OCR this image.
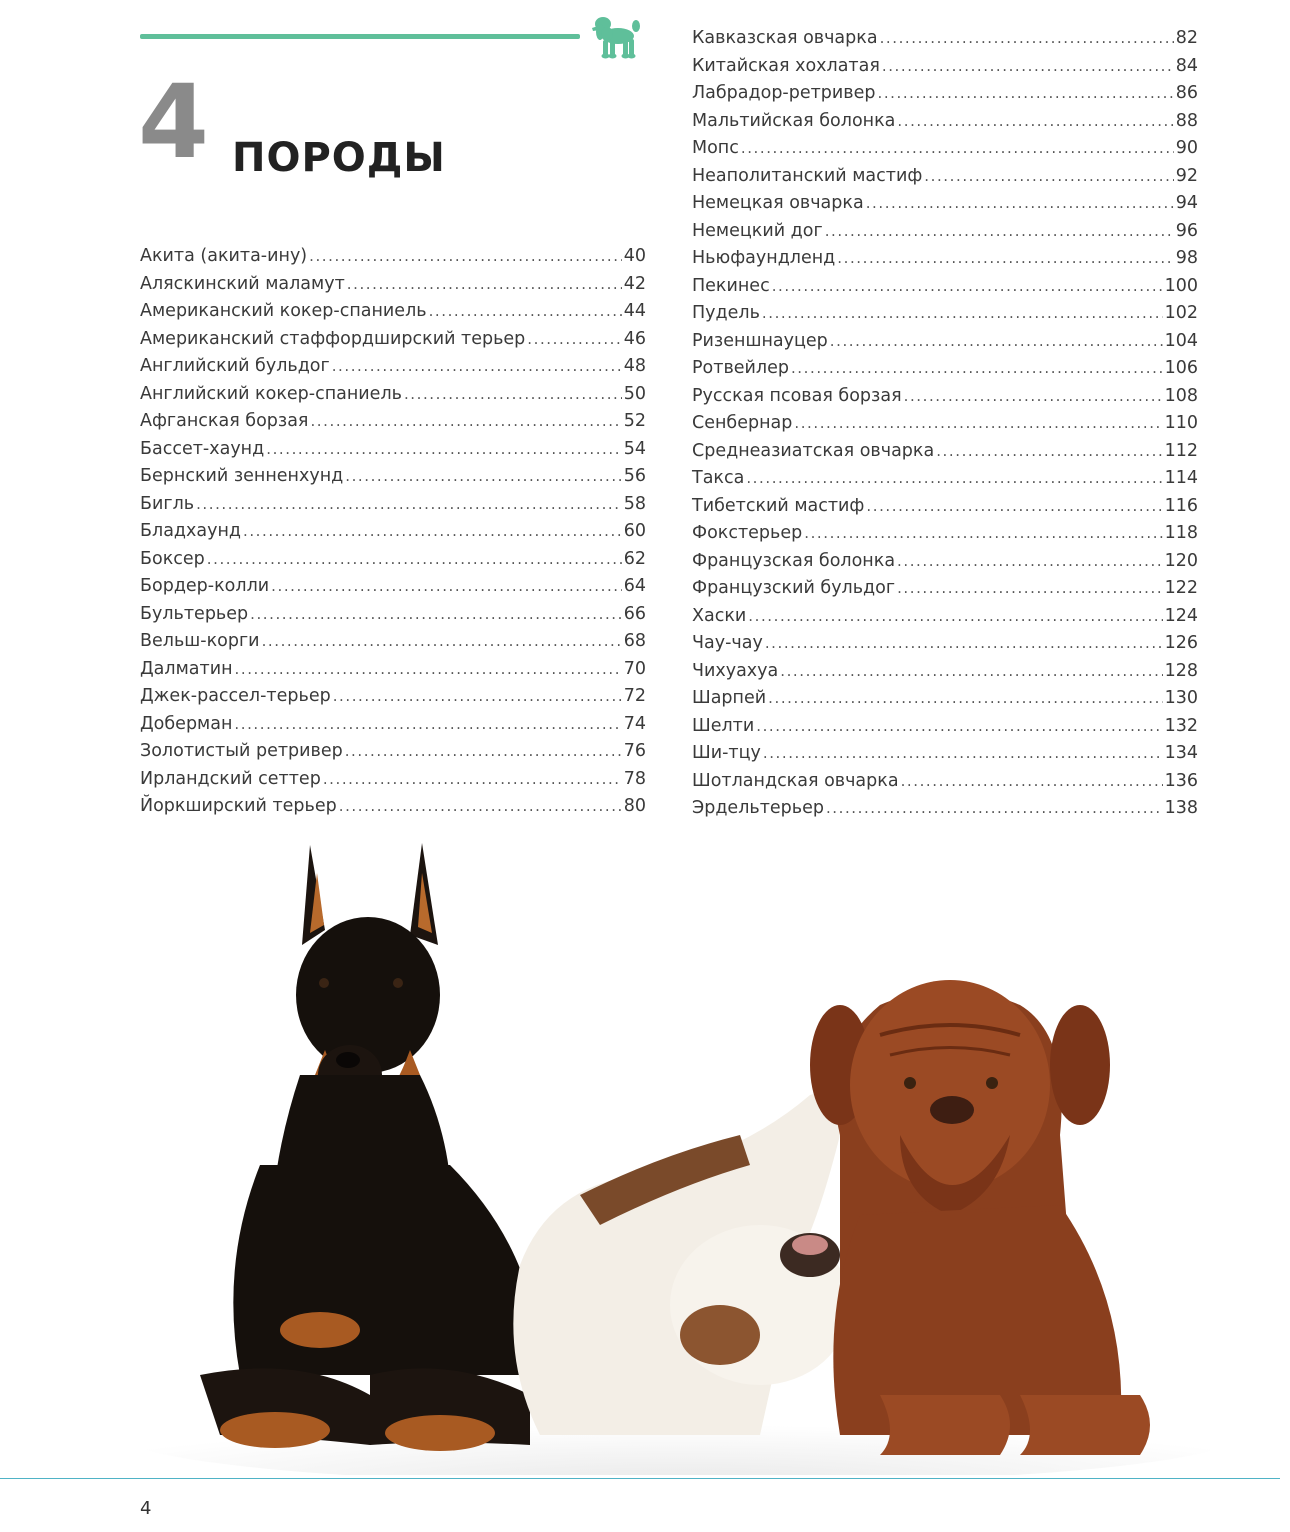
4 ПОРОДЫ
Акита (акита-ину) . . .	40
Аляскинский маламут . . .	42
Американский кокер-спаниель . . .	44
Американский стаффордширский терьер . . .	46
Английский бульдог . . .	48
Английский кокер-спаниель . . .	50
Афганская борзая . . .	52
Бассет-хаунд . . .	54
Бернский зенненхунд . . .	56
Бигль . . .	58
Бладхаунд . . .	60
Боксер . . .	62
Бордер-колли . . .	64
Бультерьер . . .	66
Вельш-корги . . .	68
Далматин . . .	70
Джек-рассел-терьер . . .	72
Доберман . . .	74
Золотистый ретривер . . .	76
Ирландский сеттер . . .	78
Йоркширский терьер . . .	80
Кавказская овчарка . . .	82
Китайская хохлатая . . .	84
Лабрадор-ретривер . . .	86
Мальтийская болонка . . .	88
Мопс . . .	90
Неаполитанский мастиф . . .	92
Немецкая овчарка . . .	94
Немецкий дог . . .	96
Ньюфаундленд . . .	98
Пекинес . . .	100
Пудель . . .	102
Ризеншнауцер . . .	104
Ротвейлер . . .	106
Русская псовая борзая . . .	108
Сенбернар . . .	110
Среднеазиатская овчарка . . .	112
Такса . . .	114
Тибетский мастиф . . .	116
Фокстерьер . . .	118
Французская болонка . . .	120
Французский бульдог . . .	122
Хаски . . .	124
Чау-чау . . .	126
Чихуахуа . . .	128
Шарпей . . .	130
Шелти . . .	132
Ши-тцу . . .	134
Шотландская овчарка . . .	136
Эрдельтерьер . . .	138
4
